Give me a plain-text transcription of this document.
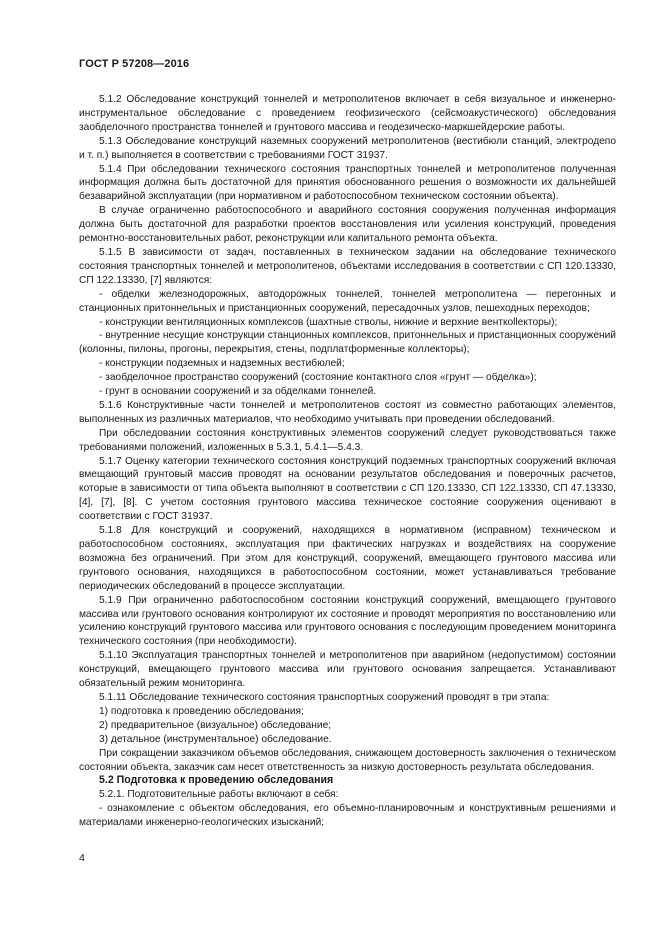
ГОСТ Р 57208—2016

5.1.2 Обследование конструкций тоннелей и метрополитенов включает в себя визуальное и инженерно-инструментальное обследование с проведением геофизического (сейсмоакустического) обследования заобделочного пространства тоннелей и грунтового массива и геодезическо-маркшейдерские работы.

5.1.3 Обследование конструкций наземных сооружений метрополитенов (вестибюли станций, электродепо и т. п.) выполняется в соответствии с требованиями ГОСТ 31937.

5.1.4 При обследовании технического состояния транспортных тоннелей и метрополитенов полученная информация должна быть достаточной для принятия обоснованного решения о возможности их дальнейшей безаварийной эксплуатации (при нормативном и работоспособном техническом состоянии объекта).

В случае ограниченно работоспособного и аварийного состояния сооружения полученная информация должна быть достаточной для разработки проектов восстановления или усиления конструкций, проведения ремонтно-восстановительных работ, реконструкции или капитального ремонта объекта.

5.1.5 В зависимости от задач, поставленных в техническом задании на обследование технического состояния транспортных тоннелей и метрополитенов, объектами исследования в соответствии с СП 120.13330, СП 122.13330, [7] являются:

- обделки железнодорожных, автодорожных тоннелей, тоннелей метрополитена — перегонных и станционных притоннельных и пристанционных сооружений, пересадочных узлов, пешеходных переходов;

- конструкции вентиляционных комплексов (шахтные стволы, нижние и верхние венткollекторы);

- внутренние несущие конструкции станционных комплексов, притоннельных и пристанционных сооружений (колонны, пилоны, прогоны, перекрытия, стены, подплатформенные коллекторы);

- конструкции подземных и надземных вестибюлей;

- заобделочное пространство сооружений (состояние контактного слоя «грунт — обделка»);

- грунт в основании сооружений и за обделками тоннелей.

5.1.6 Конструктивные части тоннелей и метрополитенов состоят из совместно работающих элементов, выполненных из различных материалов, что необходимо учитывать при проведении обследований.

При обследовании состояния конструктивных элементов сооружений следует руководствоваться также требованиями положений, изложенных в 5.3.1, 5.4.1—5.4.3.

5.1.7 Оценку категории технического состояния конструкций подземных транспортных сооружений включая вмещающий грунтовый массив проводят на основании результатов обследования и поверочных расчетов, которые в зависимости от типа объекта выполняют в соответствии с СП 120.13330, СП 122.13330, СП 47.13330, [4], [7], [8]. С учетом состояния грунтового массива техническое состояние сооружения оценивают в соответствии с ГОСТ 31937.

5.1.8 Для конструкций и сооружений, находящихся в нормативном (исправном) техническом и работоспособном состояниях, эксплуатация при фактических нагрузках и воздействиях на сооружение возможна без ограничений. При этом для конструкций, сооружений, вмещающего грунтового массива или грунтового основания, находящихся в работоспособном состоянии, может устанавливаться требование периодических обследований в процессе эксплуатации.

5.1.9 При ограниченно работоспособном состоянии конструкций сооружений, вмещающего грунтового массива или грунтового основания контролируют их состояние и проводят мероприятия по восстановлению или усилению конструкций грунтового массива или грунтового основания с последующим проведением мониторинга технического состояния (при необходимости).

5.1.10 Эксплуатация транспортных тоннелей и метрополитенов при аварийном (недопустимом) состоянии конструкций, вмещающего грунтового массива или грунтового основания запрещается. Устанавливают обязательный режим мониторинга.

5.1.11 Обследование технического состояния транспортных сооружений проводят в три этапа:

1) подготовка к проведению обследования;

2) предварительное (визуальное) обследование;

3) детальное (инструментальное) обследование.

При сокращении заказчиком объемов обследования, снижающем достоверность заключения о техническом состоянии объекта, заказчик сам несет ответственность за низкую достоверность результата обследования.

5.2 Подготовка к проведению обследования

5.2.1. Подготовительные работы включают в себя:

- ознакомление с объектом обследования, его объемно-планировочным и конструктивным решениями и материалами инженерно-геологических изысканий;

4
